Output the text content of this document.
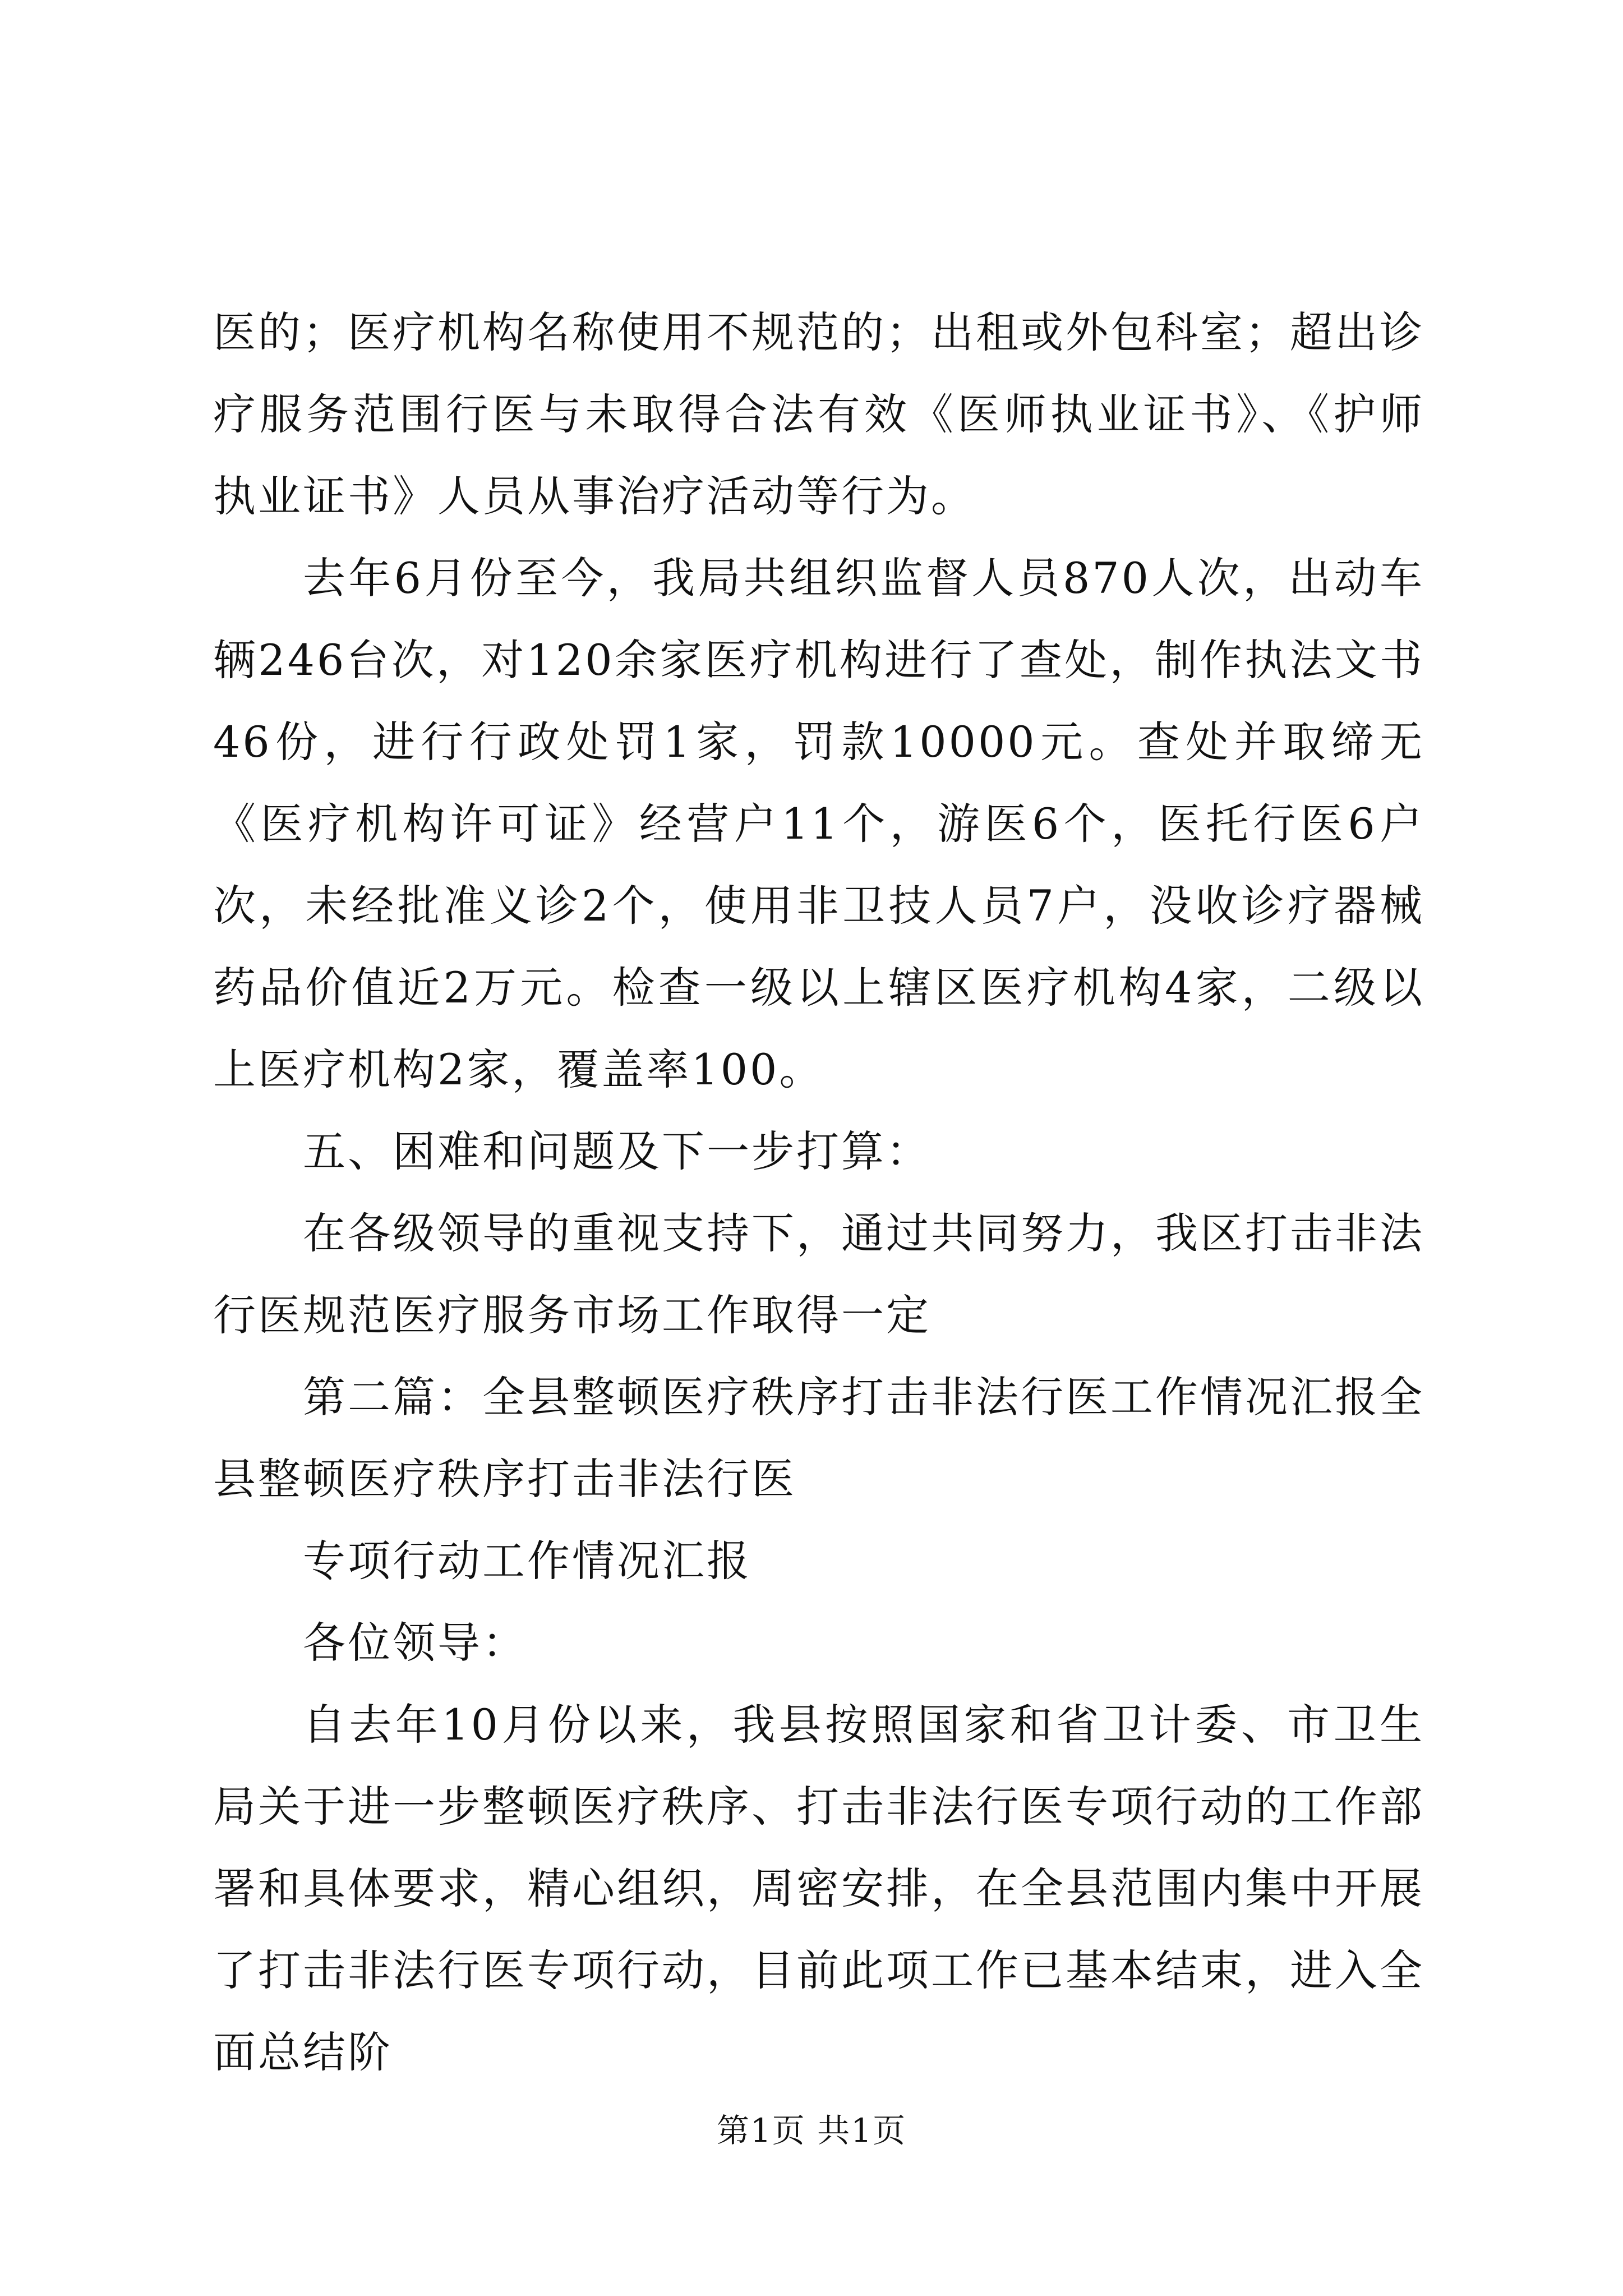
医的；医疗机构名称使用不规范的；出租或外包科室；超出诊疗服务范围行医与未取得合法有效《医师执业证书》、《护师执业证书》人员从事治疗活动等行为。

去年6月份至今，我局共组织监督人员870人次，出动车辆246台次，对120余家医疗机构进行了查处，制作执法文书46份，进行行政处罚1家，罚款10000元。查处并取缔无《医疗机构许可证》经营户11个，游医6个，医托行医6户次，未经批准义诊2个，使用非卫技人员7户，没收诊疗器械药品价值近2万元。检查一级以上辖区医疗机构4家，二级以上医疗机构2家，覆盖率100。

五、困难和问题及下一步打算：

在各级领导的重视支持下，通过共同努力，我区打击非法行医规范医疗服务市场工作取得一定

第二篇：全县整顿医疗秩序打击非法行医工作情况汇报全县整顿医疗秩序打击非法行医

专项行动工作情况汇报

各位领导：

自去年10月份以来，我县按照国家和省卫计委、市卫生局关于进一步整顿医疗秩序、打击非法行医专项行动的工作部署和具体要求，精心组织，周密安排，在全县范围内集中开展了打击非法行医专项行动，目前此项工作已基本结束，进入全面总结阶

第1页 共1页
